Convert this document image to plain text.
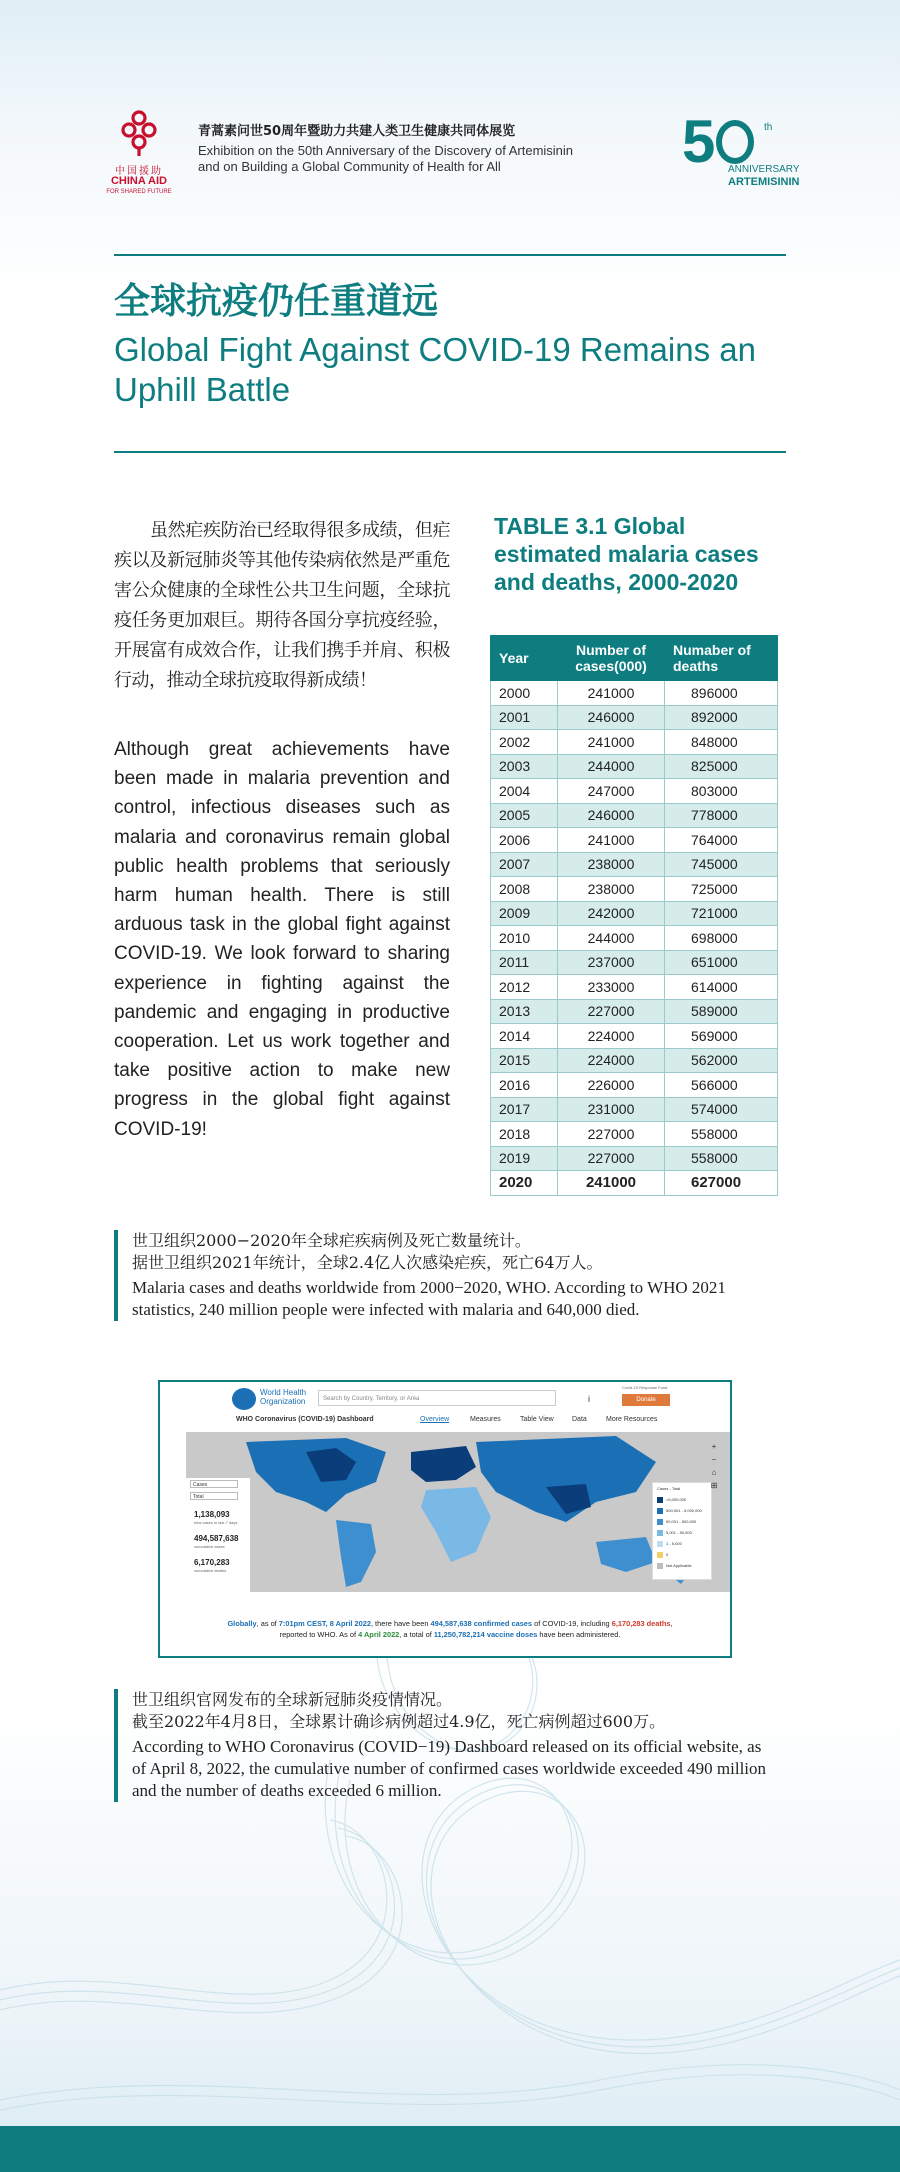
中国援助
CHINA AID
FOR SHARED FUTURE
青蒿素问世50周年暨助力共建人类卫生健康共同体展览
Exhibition on the 50th Anniversary of the Discovery of Artemisinin and on Building a Global Community of Health for All	5	th
ANNIVERSARY
ARTEMISININ
全球抗疫仍任重道远
Global Fight Against COVID-19 Remains an Uphill Battle
虽然疟疾防治已经取得很多成绩，但疟疾以及新冠肺炎等其他传染病依然是严重危害公众健康的全球性公共卫生问题，全球抗疫任务更加艰巨。期待各国分享抗疫经验，开展富有成效合作，让我们携手并肩、积极行动，推动全球抗疫取得新成绩！
Although great achievements have been made in malaria prevention and control, infectious diseases such as malaria and coronavirus remain global public health problems that seriously harm human health. There is still arduous task in the global fight against COVID-19. We look forward to sharing experience in fighting against the pandemic and engaging in productive cooperation. Let us work together and take positive action to make new progress in the global fight against COVID-19!
TABLE 3.1 Global estimated malaria cases and deaths, 2000-2020
Year	Number of cases(000)	Numaber of deaths
2000	241000	896000
2001	246000	892000
2002	241000	848000
2003	244000	825000
2004	247000	803000
2005	246000	778000
2006	241000	764000
2007	238000	745000
2008	238000	725000
2009	242000	721000
2010	244000	698000
2011	237000	651000
2012	233000	614000
2013	227000	589000
2014	224000	569000
2015	224000	562000
2016	226000	566000
2017	231000	574000
2018	227000	558000
2019	227000	558000
2020	241000	627000
世卫组织2000−2020年全球疟疾病例及死亡数量统计。
据世卫组织2021年统计，全球2.4亿人次感染疟疾，死亡64万人。
Malaria cases and deaths worldwide from 2000−2020, WHO. According to WHO 2021 statistics, 240 million people were infected with malaria and 640,000 died.
World Health Organization	Search by Country, Territory, or Area	i
Covid-19 Response Fund
Donate
WHO Coronavirus (COVID-19) Dashboard	Overview	Measures	Table View	Data	More Resources
Cases
Total
1,138,093
new cases in last 7 days
494,587,638
cumulative cases
6,170,283
cumulative deaths
Cases - Total
>5,000,000
500,001 - 5,000,000
50,001 - 500,000
5,001 - 50,000
1 - 5,000
0
Not Applicable
+
−
⌂
⊞
Globally, as of 7:01pm CEST, 8 April 2022, there have been 494,587,638 confirmed cases of COVID-19, including 6,170,283 deaths, reported to WHO. As of 4 April 2022, a total of 11,250,782,214 vaccine doses have been administered.
世卫组织官网发布的全球新冠肺炎疫情情况。
截至2022年4月8日，全球累计确诊病例超过4.9亿，死亡病例超过600万。
According to WHO Coronavirus (COVID−19) Dashboard released on its official website, as of April 8, 2022, the cumulative number of confirmed cases worldwide exceeded 490 million and the number of deaths exceeded 6 million.
